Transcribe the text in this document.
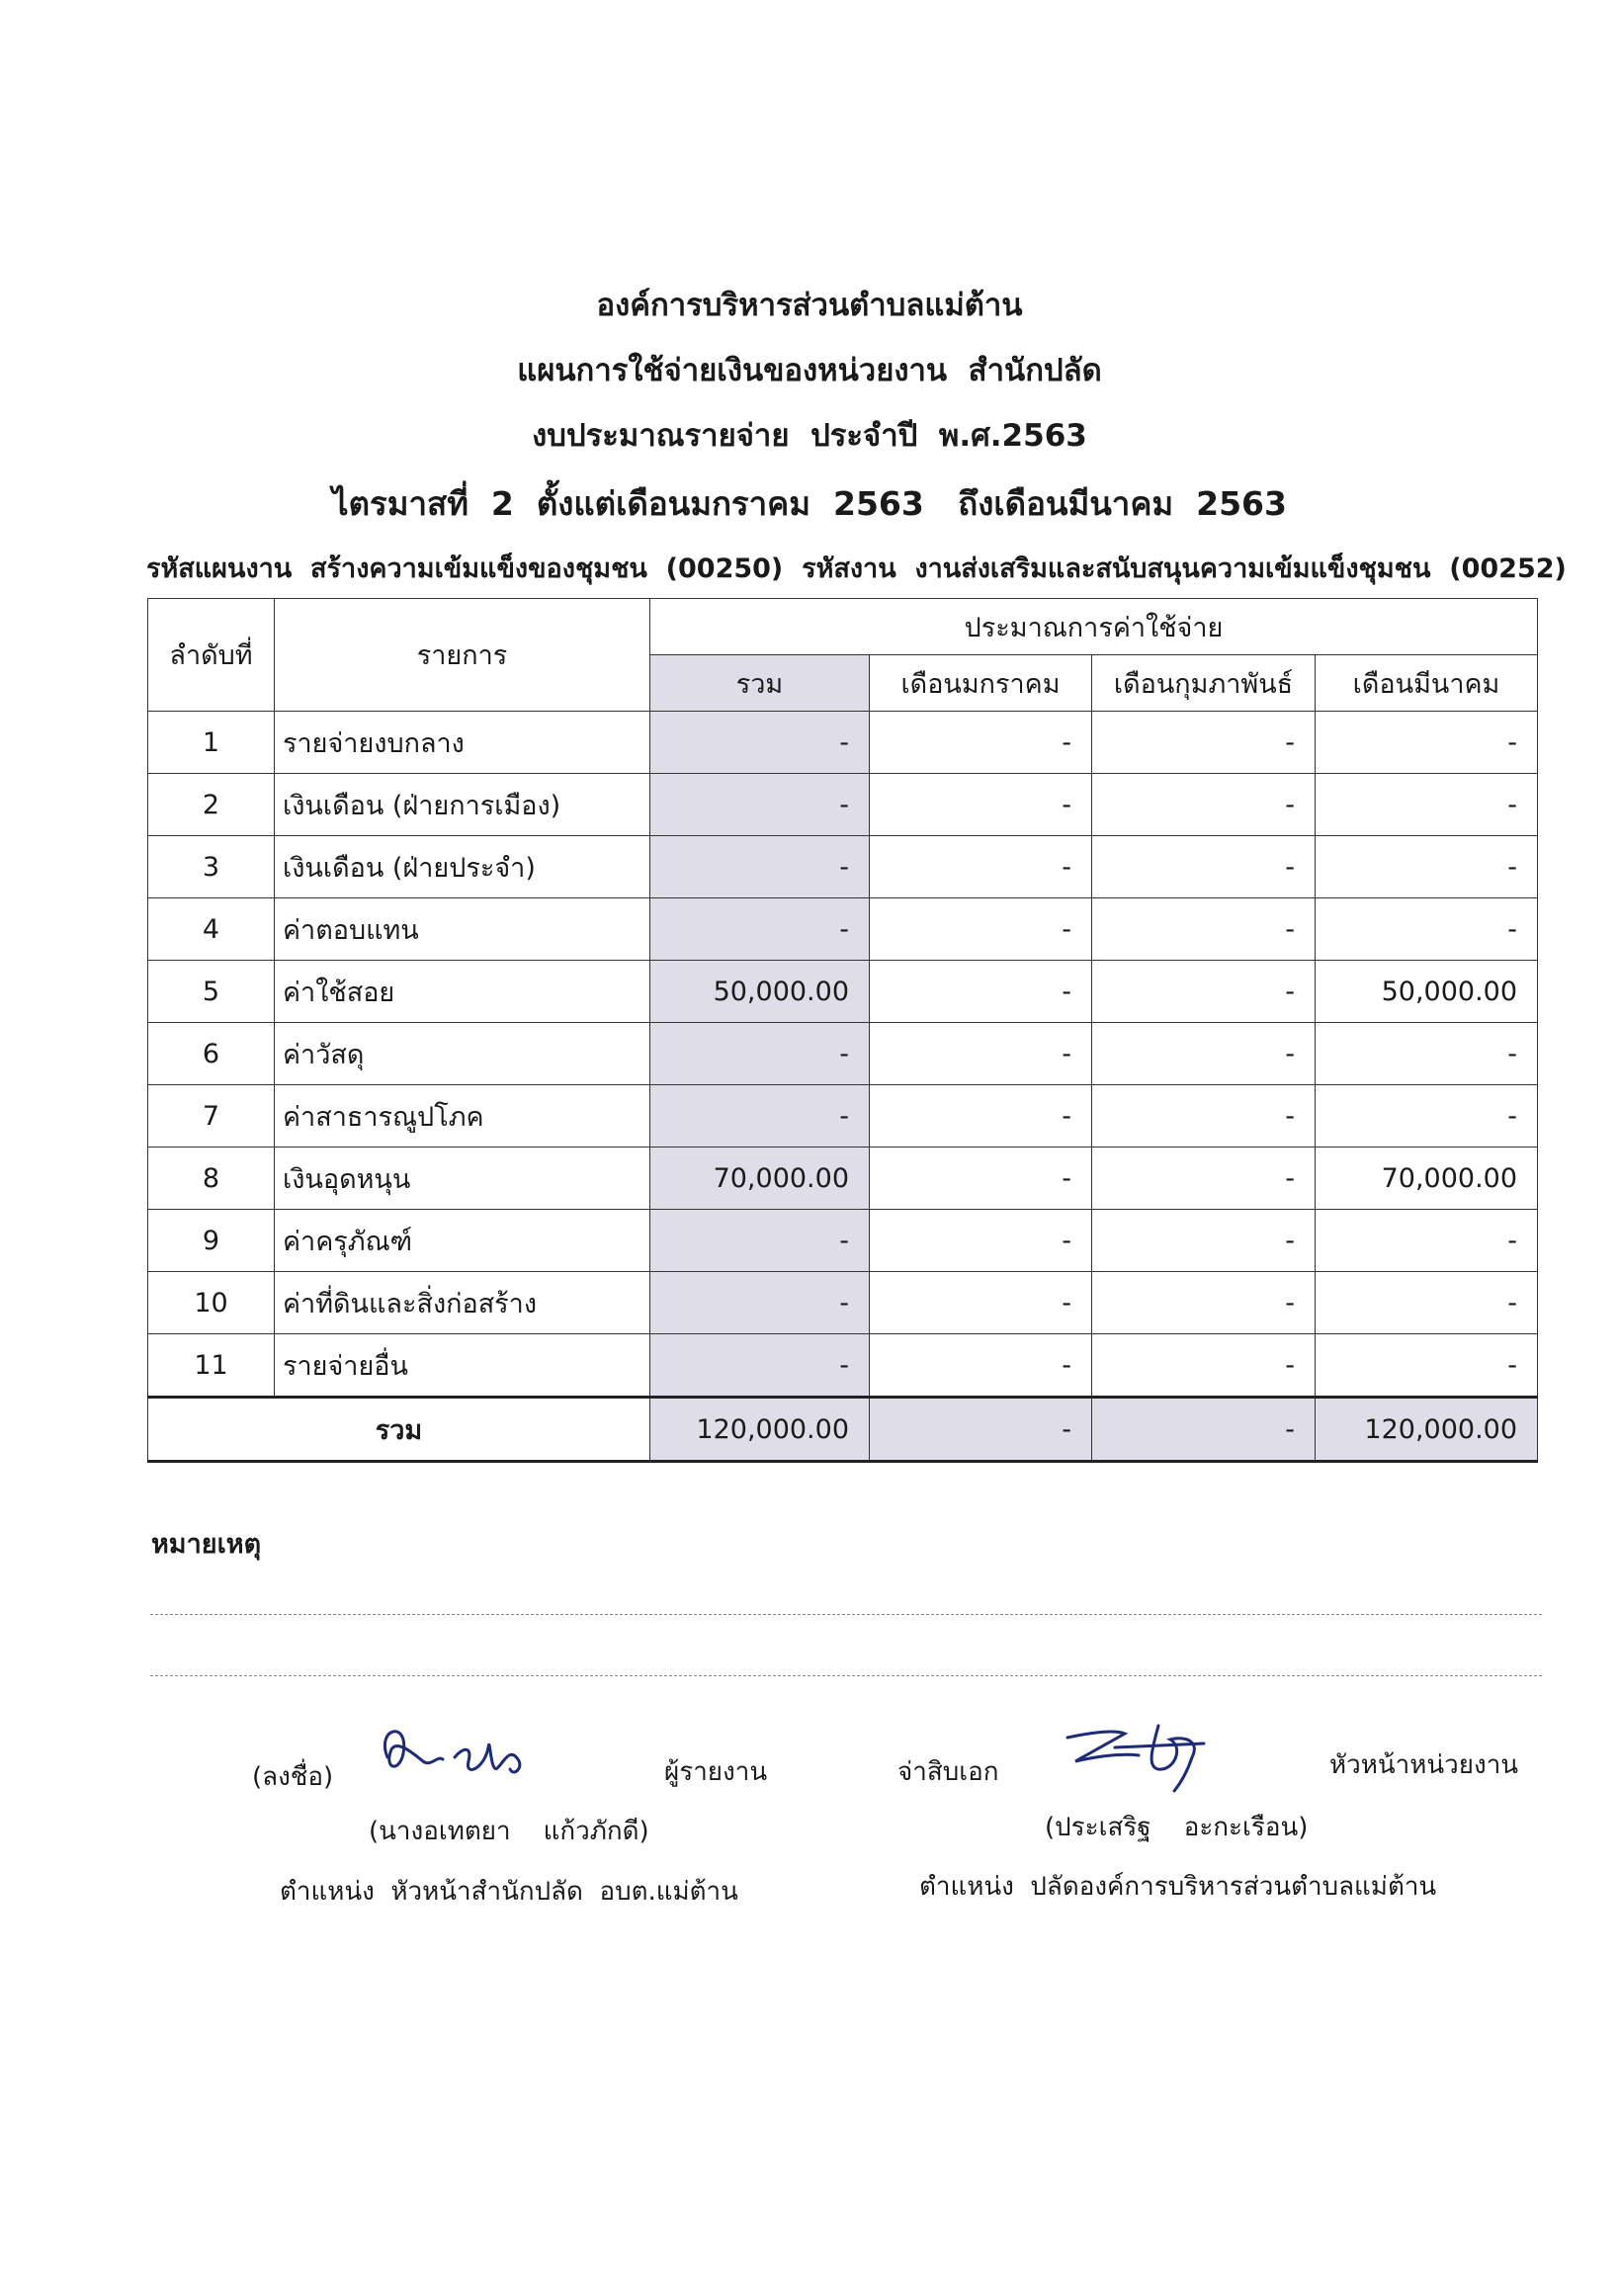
องค์การบริหารส่วนตำบลแม่ต้าน
แผนการใช้จ่ายเงินของหน่วยงาน  สำนักปลัด
งบประมาณรายจ่าย  ประจำปี  พ.ศ.2563
ไตรมาสที่  2  ตั้งแต่เดือนมกราคม  2563   ถึงเดือนมีนาคม  2563
รหัสแผนงาน  สร้างความเข้มแข็งของชุมชน  (00250)  รหัสงาน  งานส่งเสริมและสนับสนุนความเข้มแข็งชุมชน  (00252)
ลำดับที่	รายการ	ประมาณการค่าใช้จ่าย			
		รวม	เดือนมกราคม	เดือนกุมภาพันธ์	เดือนมีนาคม
1	รายจ่ายงบกลาง	-	-	-	-
2	เงินเดือน (ฝ่ายการเมือง)	-	-	-	-
3	เงินเดือน (ฝ่ายประจำ)	-	-	-	-
4	ค่าตอบแทน	-	-	-	-
5	ค่าใช้สอย	50,000.00	-	-	50,000.00
6	ค่าวัสดุ	-	-	-	-
7	ค่าสาธารณูปโภค	-	-	-	-
8	เงินอุดหนุน	70,000.00	-	-	70,000.00
9	ค่าครุภัณฑ์	-	-	-	-
10	ค่าที่ดินและสิ่งก่อสร้าง	-	-	-	-
11	รายจ่ายอื่น	-	-	-	-
รวม		120,000.00	-	-	120,000.00
หมายเหตุ
(ลงชื่อ)	ผู้รายงาน
(นางอเทตยา    แก้วภักดี)
ตำแหน่ง  หัวหน้าสำนักปลัด  อบต.แม่ต้าน
จ่าสิบเอก	หัวหน้าหน่วยงาน
(ประเสริฐ    อะกะเรือน)
ตำแหน่ง  ปลัดองค์การบริหารส่วนตำบลแม่ต้าน
